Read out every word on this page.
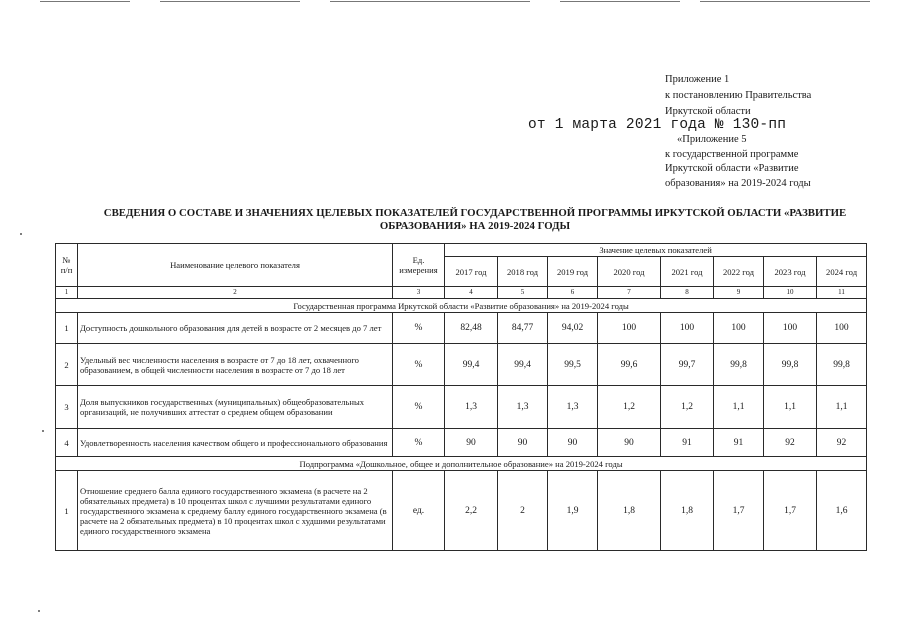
Приложение 1
к постановлению Правительства
Иркутской области
от 1 марта 2021 года № 130-пп
«Приложение 5
к государственной программе
Иркутской области «Развитие
образования» на 2019-2024 годы
СВЕДЕНИЯ О СОСТАВЕ И ЗНАЧЕНИЯХ ЦЕЛЕВЫХ ПОКАЗАТЕЛЕЙ ГОСУДАРСТВЕННОЙ ПРОГРАММЫ ИРКУТСКОЙ ОБЛАСТИ «РАЗВИТИЕ
ОБРАЗОВАНИЯ» НА 2019-2024 ГОДЫ
№ п/п	Наименование целевого показателя	Ед. измерения	Значение целевых показателей							
			2017 год	2018 год	2019 год	2020 год	2021 год	2022 год	2023 год	2024 год
1	2	3	4	5	6	7	8	9	10	11
Государственная программа Иркутской области «Развитие образования» на 2019-2024 годы										
1	Доступность дошкольного образования для детей в возрасте от 2 месяцев до 7 лет	%	82,48	84,77	94,02	100	100	100	100	100
2	Удельный вес численности населения в возрасте от 7 до 18 лет, охваченного образованием, в общей численности населения в возрасте от 7 до 18 лет	%	99,4	99,4	99,5	99,6	99,7	99,8	99,8	99,8
3	Доля выпускников государственных (муниципальных) общеобразовательных организаций, не получивших аттестат о среднем общем образовании	%	1,3	1,3	1,3	1,2	1,2	1,1	1,1	1,1
4	Удовлетворенность населения качеством общего и профессионального образования	%	90	90	90	90	91	91	92	92
Подпрограмма «Дошкольное, общее и дополнительное образование» на 2019-2024 годы										
1	Отношение среднего балла единого государственного экзамена (в расчете на 2 обязательных предмета) в 10 процентах школ с лучшими результатами единого государственного экзамена к среднему баллу единого государственного экзамена (в расчете на 2 обязательных предмета) в 10 процентах школ с худшими результатами единого государственного экзамена	ед.	2,2	2	1,9	1,8	1,8	1,7	1,7	1,6
